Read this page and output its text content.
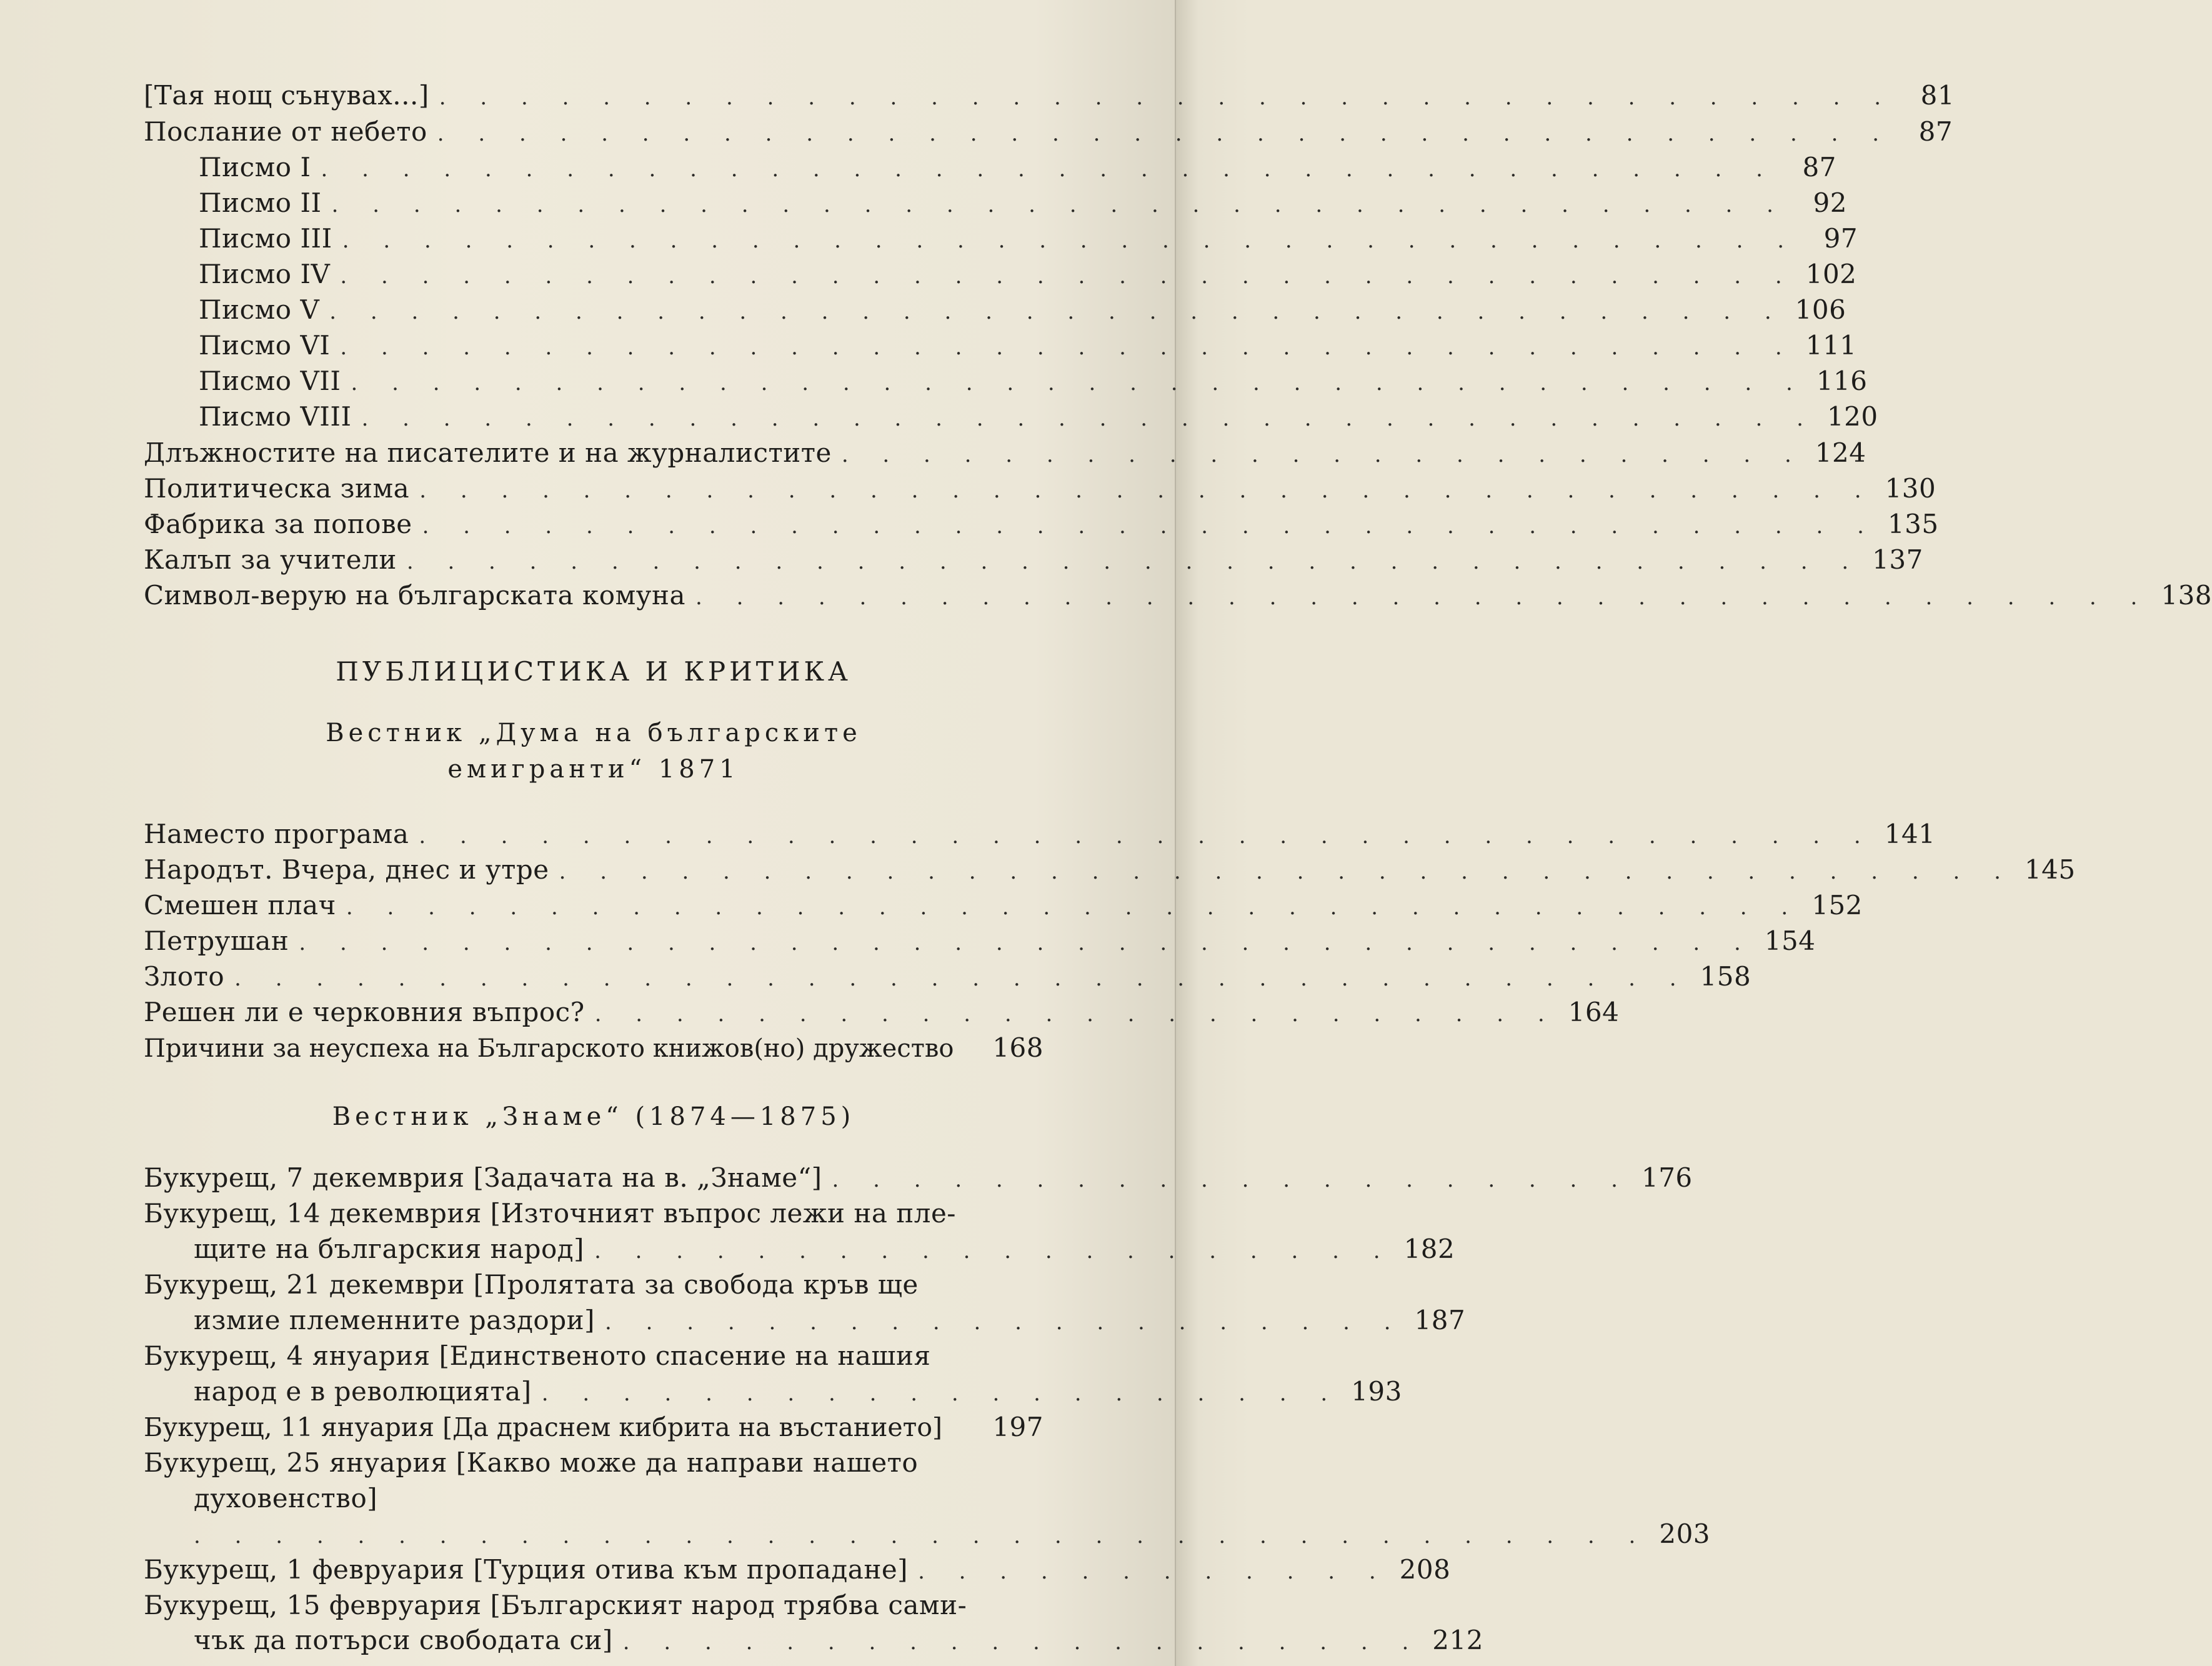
[Тая нощ сънувах...] . . . . . . . . . . . . . . . . . . . . . . . . . . . . . . . . . . . . 81
Послание от небето . . . . . . . . . . . . . . . . . . . . . . . . . . . . . . . . . . . . 87
Писмо I . . . . . . . . . . . . . . . . . . . . . . . . . . . . . . . . . . . . 87
Писмо II . . . . . . . . . . . . . . . . . . . . . . . . . . . . . . . . . . . . 92
Писмо III . . . . . . . . . . . . . . . . . . . . . . . . . . . . . . . . . . . . 97
Писмо IV . . . . . . . . . . . . . . . . . . . . . . . . . . . . . . . . . . . . 102
Писмо V . . . . . . . . . . . . . . . . . . . . . . . . . . . . . . . . . . . . 106
Писмо VI . . . . . . . . . . . . . . . . . . . . . . . . . . . . . . . . . . . . 111
Писмо VII . . . . . . . . . . . . . . . . . . . . . . . . . . . . . . . . . . . . 116
Писмо VIII . . . . . . . . . . . . . . . . . . . . . . . . . . . . . . . . . . . . 120
Длъжностите на писателите и на журналистите . . . . . . . . . . . . . . . . . . . . . . . . 124
Политическа зима . . . . . . . . . . . . . . . . . . . . . . . . . . . . . . . . . . . . 130
Фабрика за попове . . . . . . . . . . . . . . . . . . . . . . . . . . . . . . . . . . . . 135
Калъп за учители . . . . . . . . . . . . . . . . . . . . . . . . . . . . . . . . . . . . 137
Символ-верую на българската комуна . . . . . . . . . . . . . . . . . . . . . . . . . . . . . . . . . . . . 138
ПУБЛИЦИСТИКА И КРИТИКА
Вестник „Дума на българските
емигранти“ 1871
Наместо програма . . . . . . . . . . . . . . . . . . . . . . . . . . . . . . . . . . . . 141
Народът. Вчера, днес и утре . . . . . . . . . . . . . . . . . . . . . . . . . . . . . . . . . . . . 145
Смешен плач . . . . . . . . . . . . . . . . . . . . . . . . . . . . . . . . . . . . 152
Петрушан . . . . . . . . . . . . . . . . . . . . . . . . . . . . . . . . . . . . 154
Злото . . . . . . . . . . . . . . . . . . . . . . . . . . . . . . . . . . . . 158
Решен ли е черковния въпрос? . . . . . . . . . . . . . . . . . . . . . . . . 164
Причини за неуспеха на Българското книжов(но) дружество 168
Вестник „Знаме“ (1874—1875)
Букурещ, 7 декемврия [Задачата на в. „Знаме“] . . . . . . . . . . . . . . . . . . . . 176
Букурещ, 14 декемврия [Източният въпрос лежи на пле-
щите на българския народ] . . . . . . . . . . . . . . . . . . . . 182
Букурещ, 21 декември [Пролятата за свобода кръв ще
измие племенните раздори] . . . . . . . . . . . . . . . . . . . . 187
Букурещ, 4 януария [Единственото спасение на нашия
народ е в революцията] . . . . . . . . . . . . . . . . . . . . 193
Букурещ, 11 януария [Да драснем кибрита на въстанието] 197
Букурещ, 25 януария [Какво може да направи нашето
духовенство]
. . . . . . . . . . . . . . . . . . . . . . . . . . . . . . . . . . . . 203
Букурещ, 1 февруария [Турция отива към пропадане] . . . . . . . . . . . . 208
Букурещ, 15 февруария [Българският народ трябва сами-
чък да потърси свободата си] . . . . . . . . . . . . . . . . . . . . 212
